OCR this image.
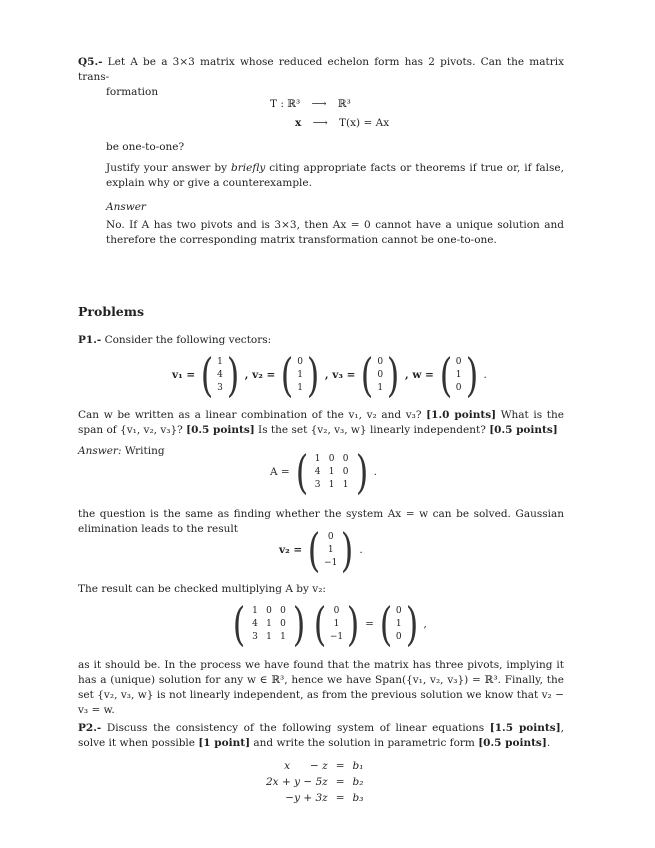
Q5.- Let A be a 3×3 matrix whose reduced echelon form has 2 pivots. Can the matrix trans-
formation
T : ℝ³ ⟶ ℝ³
x ⟶ T(x) = Ax
be one-to-one?
Justify your answer by briefly citing appropriate facts or theorems if true or, if false, explain why or give a counterexample.
Answer
No. If A has two pivots and is 3×3, then Ax = 0 cannot have a unique solution and therefore the corresponding matrix transformation cannot be one-to-one.
Problems
P1.- Consider the following vectors:
v₁ = ( 1
4
3 ) , v₂ = ( 0
1
1 ) , v₃ = ( 0
0
1 ) , w = ( 0
1
0 ) .
Can w be written as a linear combination of the v₁, v₂ and v₃? [1.0 points] What is the span of {v₁, v₂, v₃}? [0.5 points] Is the set {v₂, v₃, w} linearly independent? [0.5 points]
Answer: Writing
A = ( 1 0 0
4 1 0
3 1 1 ) .
the question is the same as finding whether the system Ax = w can be solved. Gaussian elimination leads to the result
v₂ = ( 0
1
−1 ) .
The result can be checked multiplying A by v₂:
( 1 0 0
4 1 0
3 1 1 ) ( 0
1
−1 ) = ( 0
1
0 ) ,
as it should be. In the process we have found that the matrix has three pivots, implying it has a (unique) solution for any w ∈ ℝ³, hence we have Span({v₁, v₂, v₃}) = ℝ³. Finally, the set {v₂, v₃, w} is not linearly independent, as from the previous solution we know that v₂ − v₃ = w.
P2.- Discuss the consistency of the following system of linear equations [1.5 points], solve it when possible [1 point] and write the solution in parametric form [0.5 points].
x      − z	=	b₁
2x + y − 5z	=	b₂
−y + 3z	=	b₃
